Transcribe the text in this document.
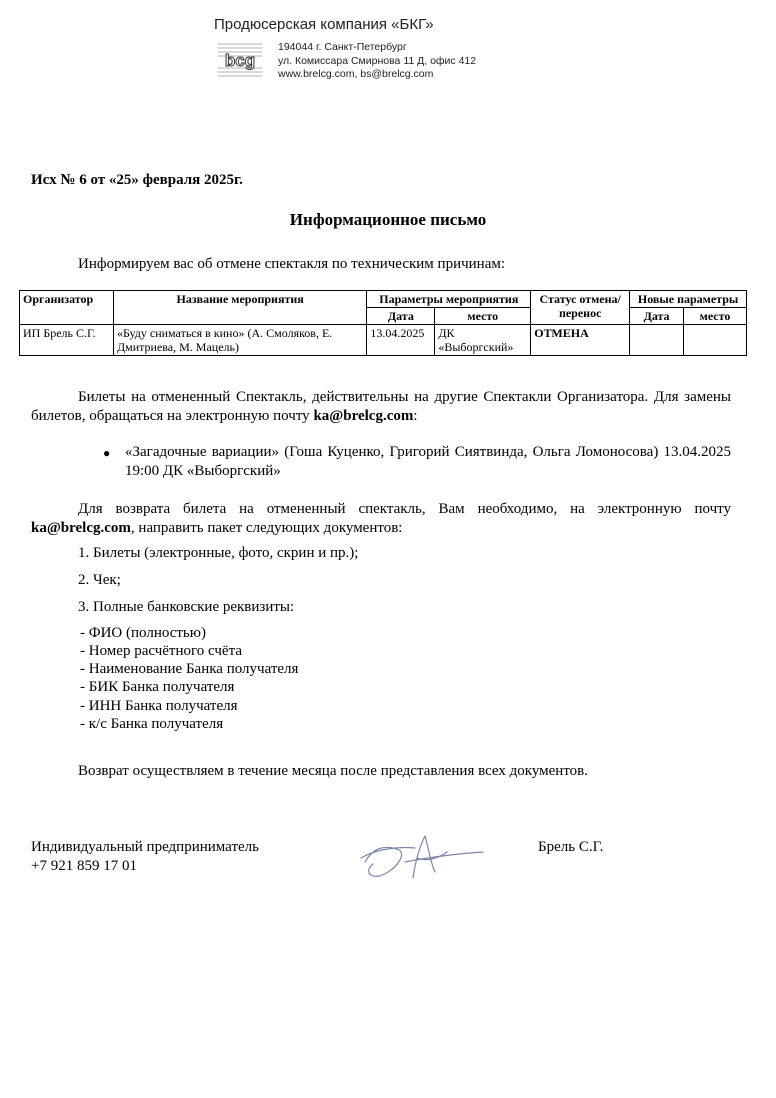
Продюсерская компания «БКГ»
bcg
194044 г. Санкт-Петербург
ул. Комиссара Смирнова 11 Д, офис 412
www.brelcg.com, bs@brelcg.com
Исх № 6 от «25» февраля 2025г.
Информационное письмо
Информируем вас об отмене спектакля по техническим причинам:
Организатор	Название мероприятия	Параметры мероприятия		Статус отмена/перенос	Новые параметры	
		Дата	место		Дата	место
ИП Брель С.Г.	«Буду сниматься в кино» (А. Смоляков, Е. Дмитриева, М. Мацель)	13.04.2025	ДК «Выборгский»	ОТМЕНА		
Билеты на отмененный Спектакль, действительны на другие Спектакли Организатора. Для замены билетов, обращаться на электронную почту ka@brelcg.com:
● «Загадочные вариации» (Гоша Куценко, Григорий Сиятвинда, Ольга Ломоносова) 13.04.2025 19:00 ДК «Выборгский»
Для возврата билета на отмененный спектакль, Вам необходимо, на электронную почту ka@brelcg.com, направить пакет следующих документов:
1. Билеты (электронные, фото, скрин и пр.);
2. Чек;
3. Полные банковские реквизиты:
- ФИО (полностью)
- Номер расчётного счёта
- Наименование Банка получателя
- БИК Банка получателя
- ИНН Банка получателя
- к/с Банка получателя
Возврат осуществляем в течение месяца после представления всех документов.
Индивидуальный предприниматель
+7 921 859 17 01
Брель С.Г.
